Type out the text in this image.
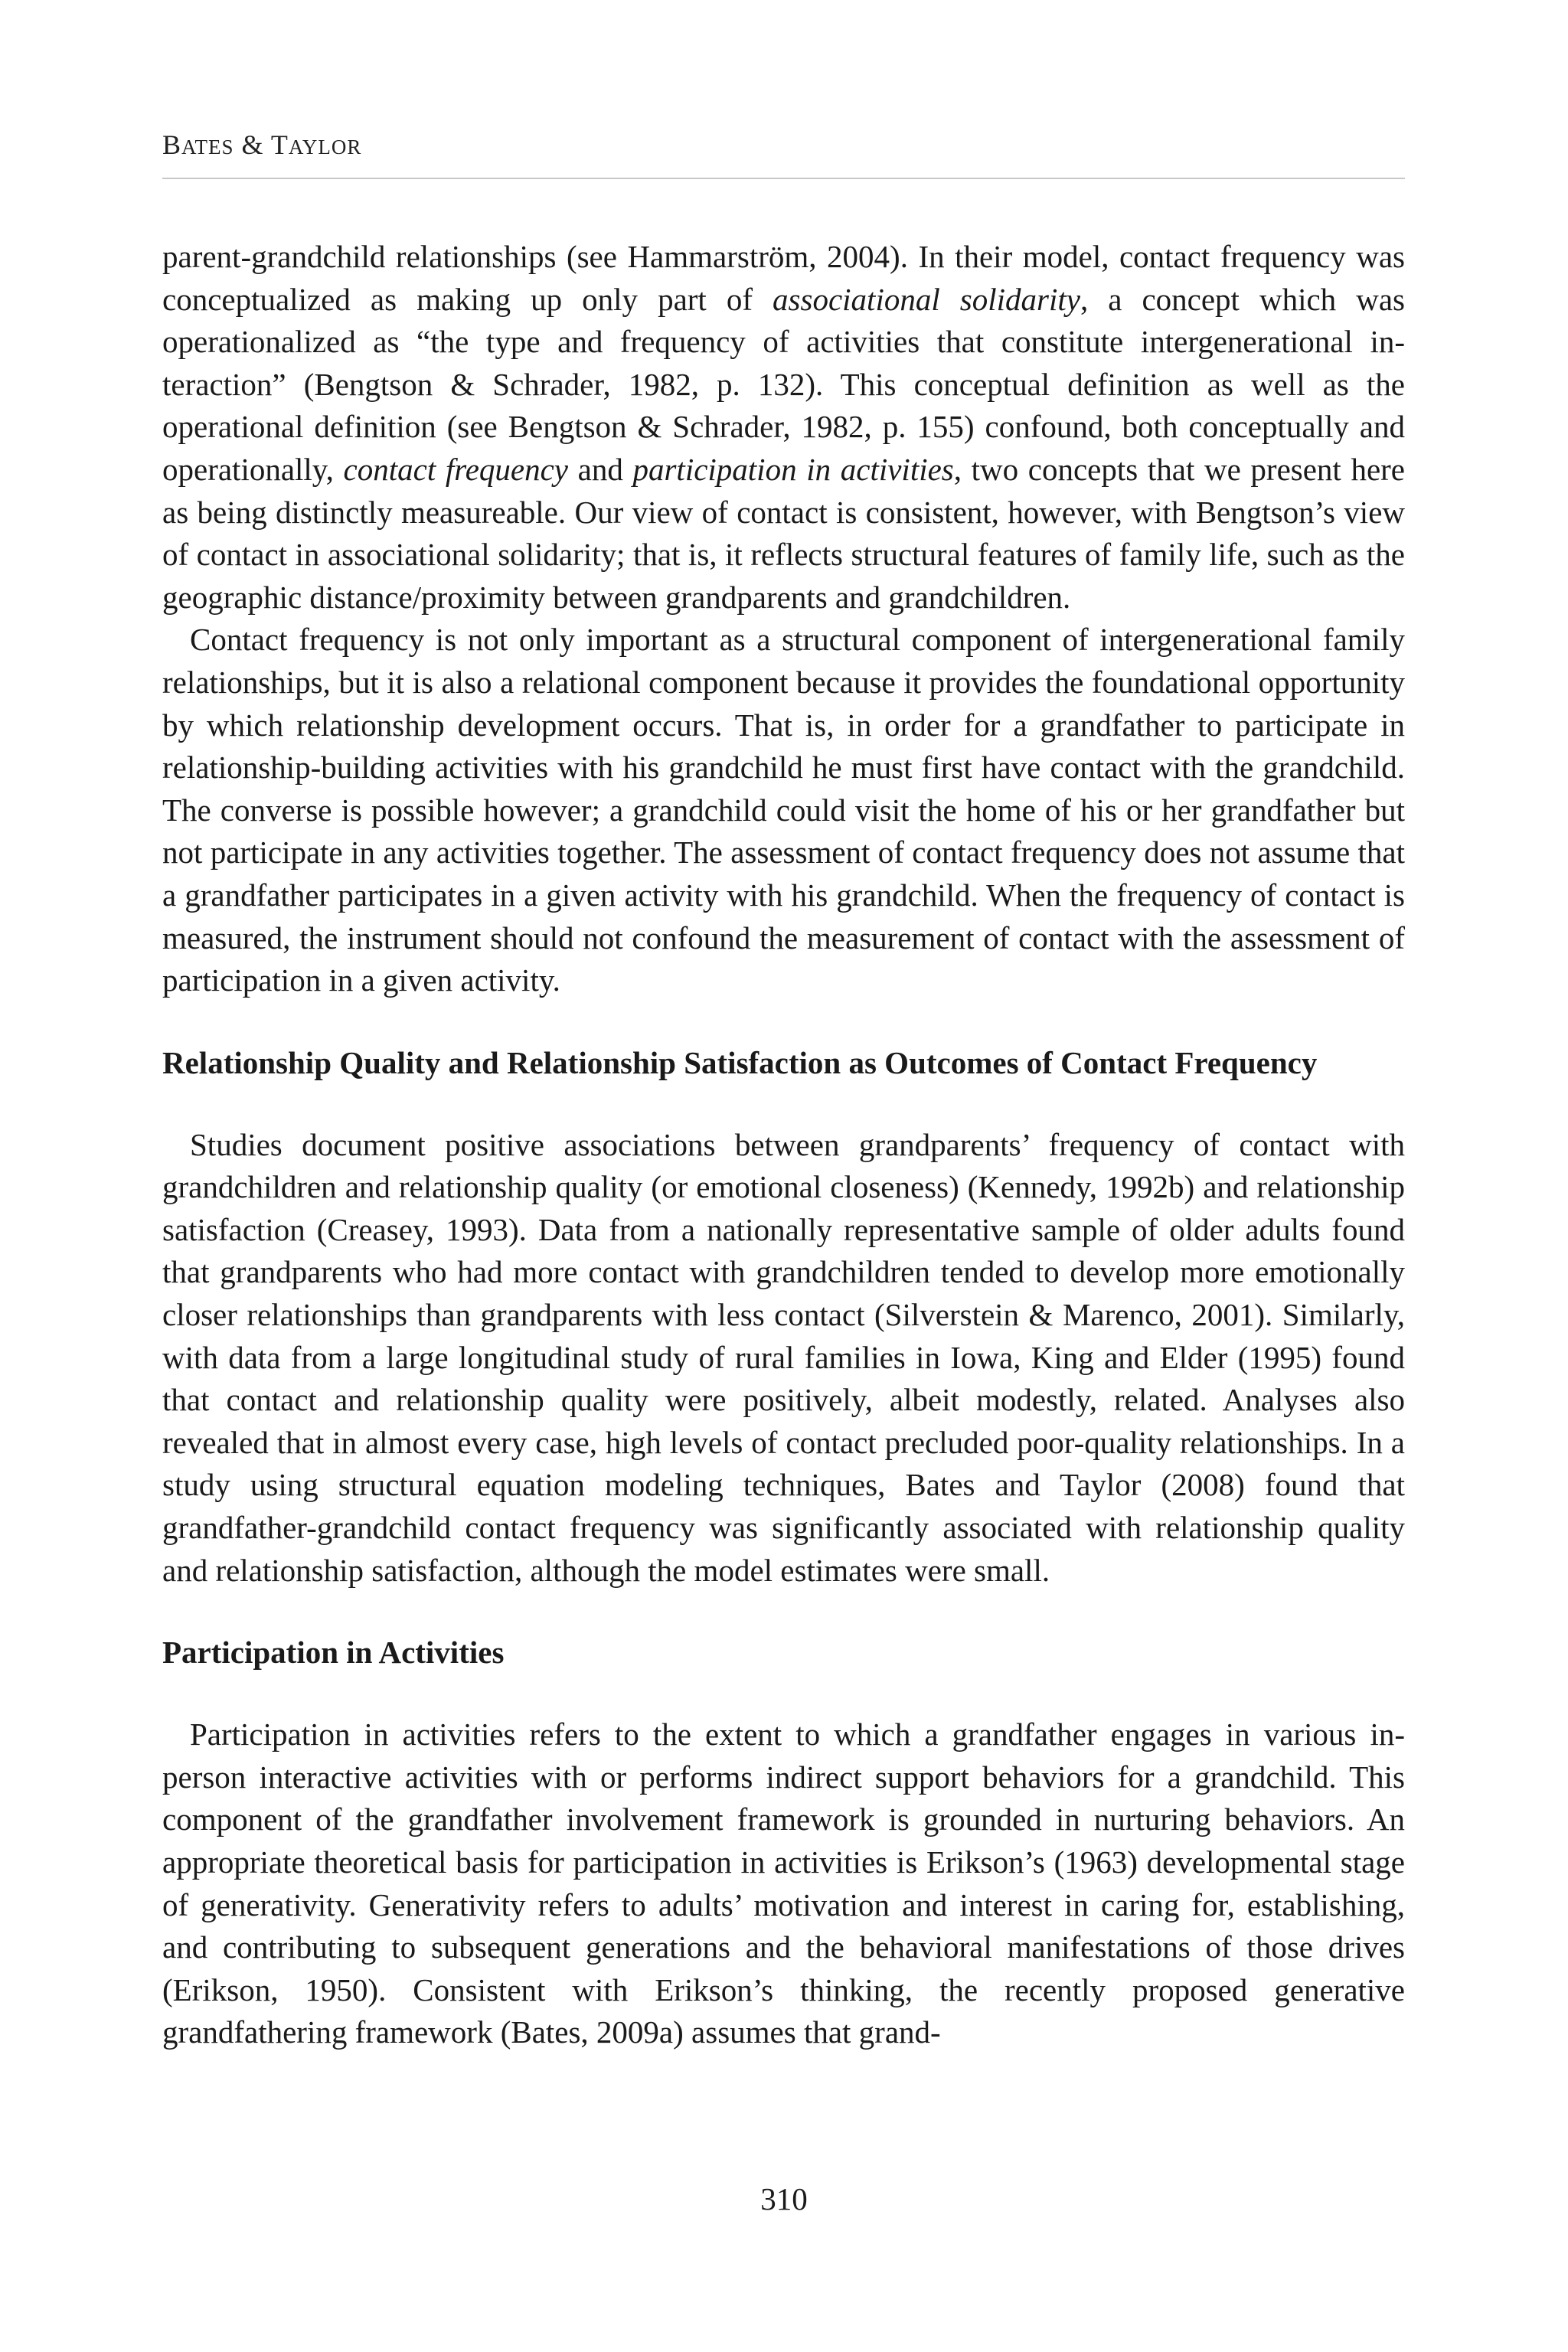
BATES & TAYLOR

parent-grandchild relationships (see Hammarström, 2004). In their model, contact frequency was conceptualized as making up only part of associational solidarity, a concept which was operationalized as “the type and frequency of activities that constitute intergenerational interaction” (Bengtson & Schrader, 1982, p. 132). This conceptual definition as well as the operational definition (see Bengtson & Schrader, 1982, p. 155) confound, both conceptually and operationally, contact frequency and participation in activities, two concepts that we present here as being distinctly measureable. Our view of contact is consistent, however, with Bengtson’s view of contact in associational solidarity; that is, it reflects structural features of family life, such as the geographic distance/proximity between grandparents and grandchildren.

Contact frequency is not only important as a structural component of intergenerational family relationships, but it is also a relational component because it provides the foundational opportunity by which relationship development occurs. That is, in order for a grandfather to participate in relationship-building activities with his grandchild he must first have contact with the grandchild. The converse is possible however; a grandchild could visit the home of his or her grandfather but not participate in any activities together. The assessment of contact frequency does not assume that a grandfather participates in a given activity with his grandchild. When the frequency of contact is measured, the instrument should not confound the measurement of contact with the assessment of participation in a given activity.

Relationship Quality and Relationship Satisfaction as Outcomes of Contact Frequency

Studies document positive associations between grandparents’ frequency of contact with grandchildren and relationship quality (or emotional closeness) (Kennedy, 1992b) and relationship satisfaction (Creasey, 1993). Data from a nationally representative sample of older adults found that grandparents who had more contact with grandchildren tended to develop more emotionally closer relationships than grandparents with less contact (Silverstein & Marenco, 2001). Similarly, with data from a large longitudinal study of rural families in Iowa, King and Elder (1995) found that contact and relationship quality were positively, albeit modestly, related. Analyses also revealed that in almost every case, high levels of contact precluded poor-quality relationships. In a study using structural equation modeling techniques, Bates and Taylor (2008) found that grandfather-grandchild contact frequency was significantly associated with relationship quality and relationship satisfaction, although the model estimates were small.

Participation in Activities

Participation in activities refers to the extent to which a grandfather engages in various in-person interactive activities with or performs indirect support behaviors for a grandchild. This component of the grandfather involvement framework is grounded in nurturing behaviors. An appropriate theoretical basis for participation in activities is Erikson’s (1963) developmental stage of generativity. Generativity refers to adults’ motivation and interest in caring for, establishing, and contributing to subsequent generations and the behavioral manifestations of those drives (Erikson, 1950). Consistent with Erikson’s thinking, the recently proposed generative grandfathering framework (Bates, 2009a) assumes that grand-

310
